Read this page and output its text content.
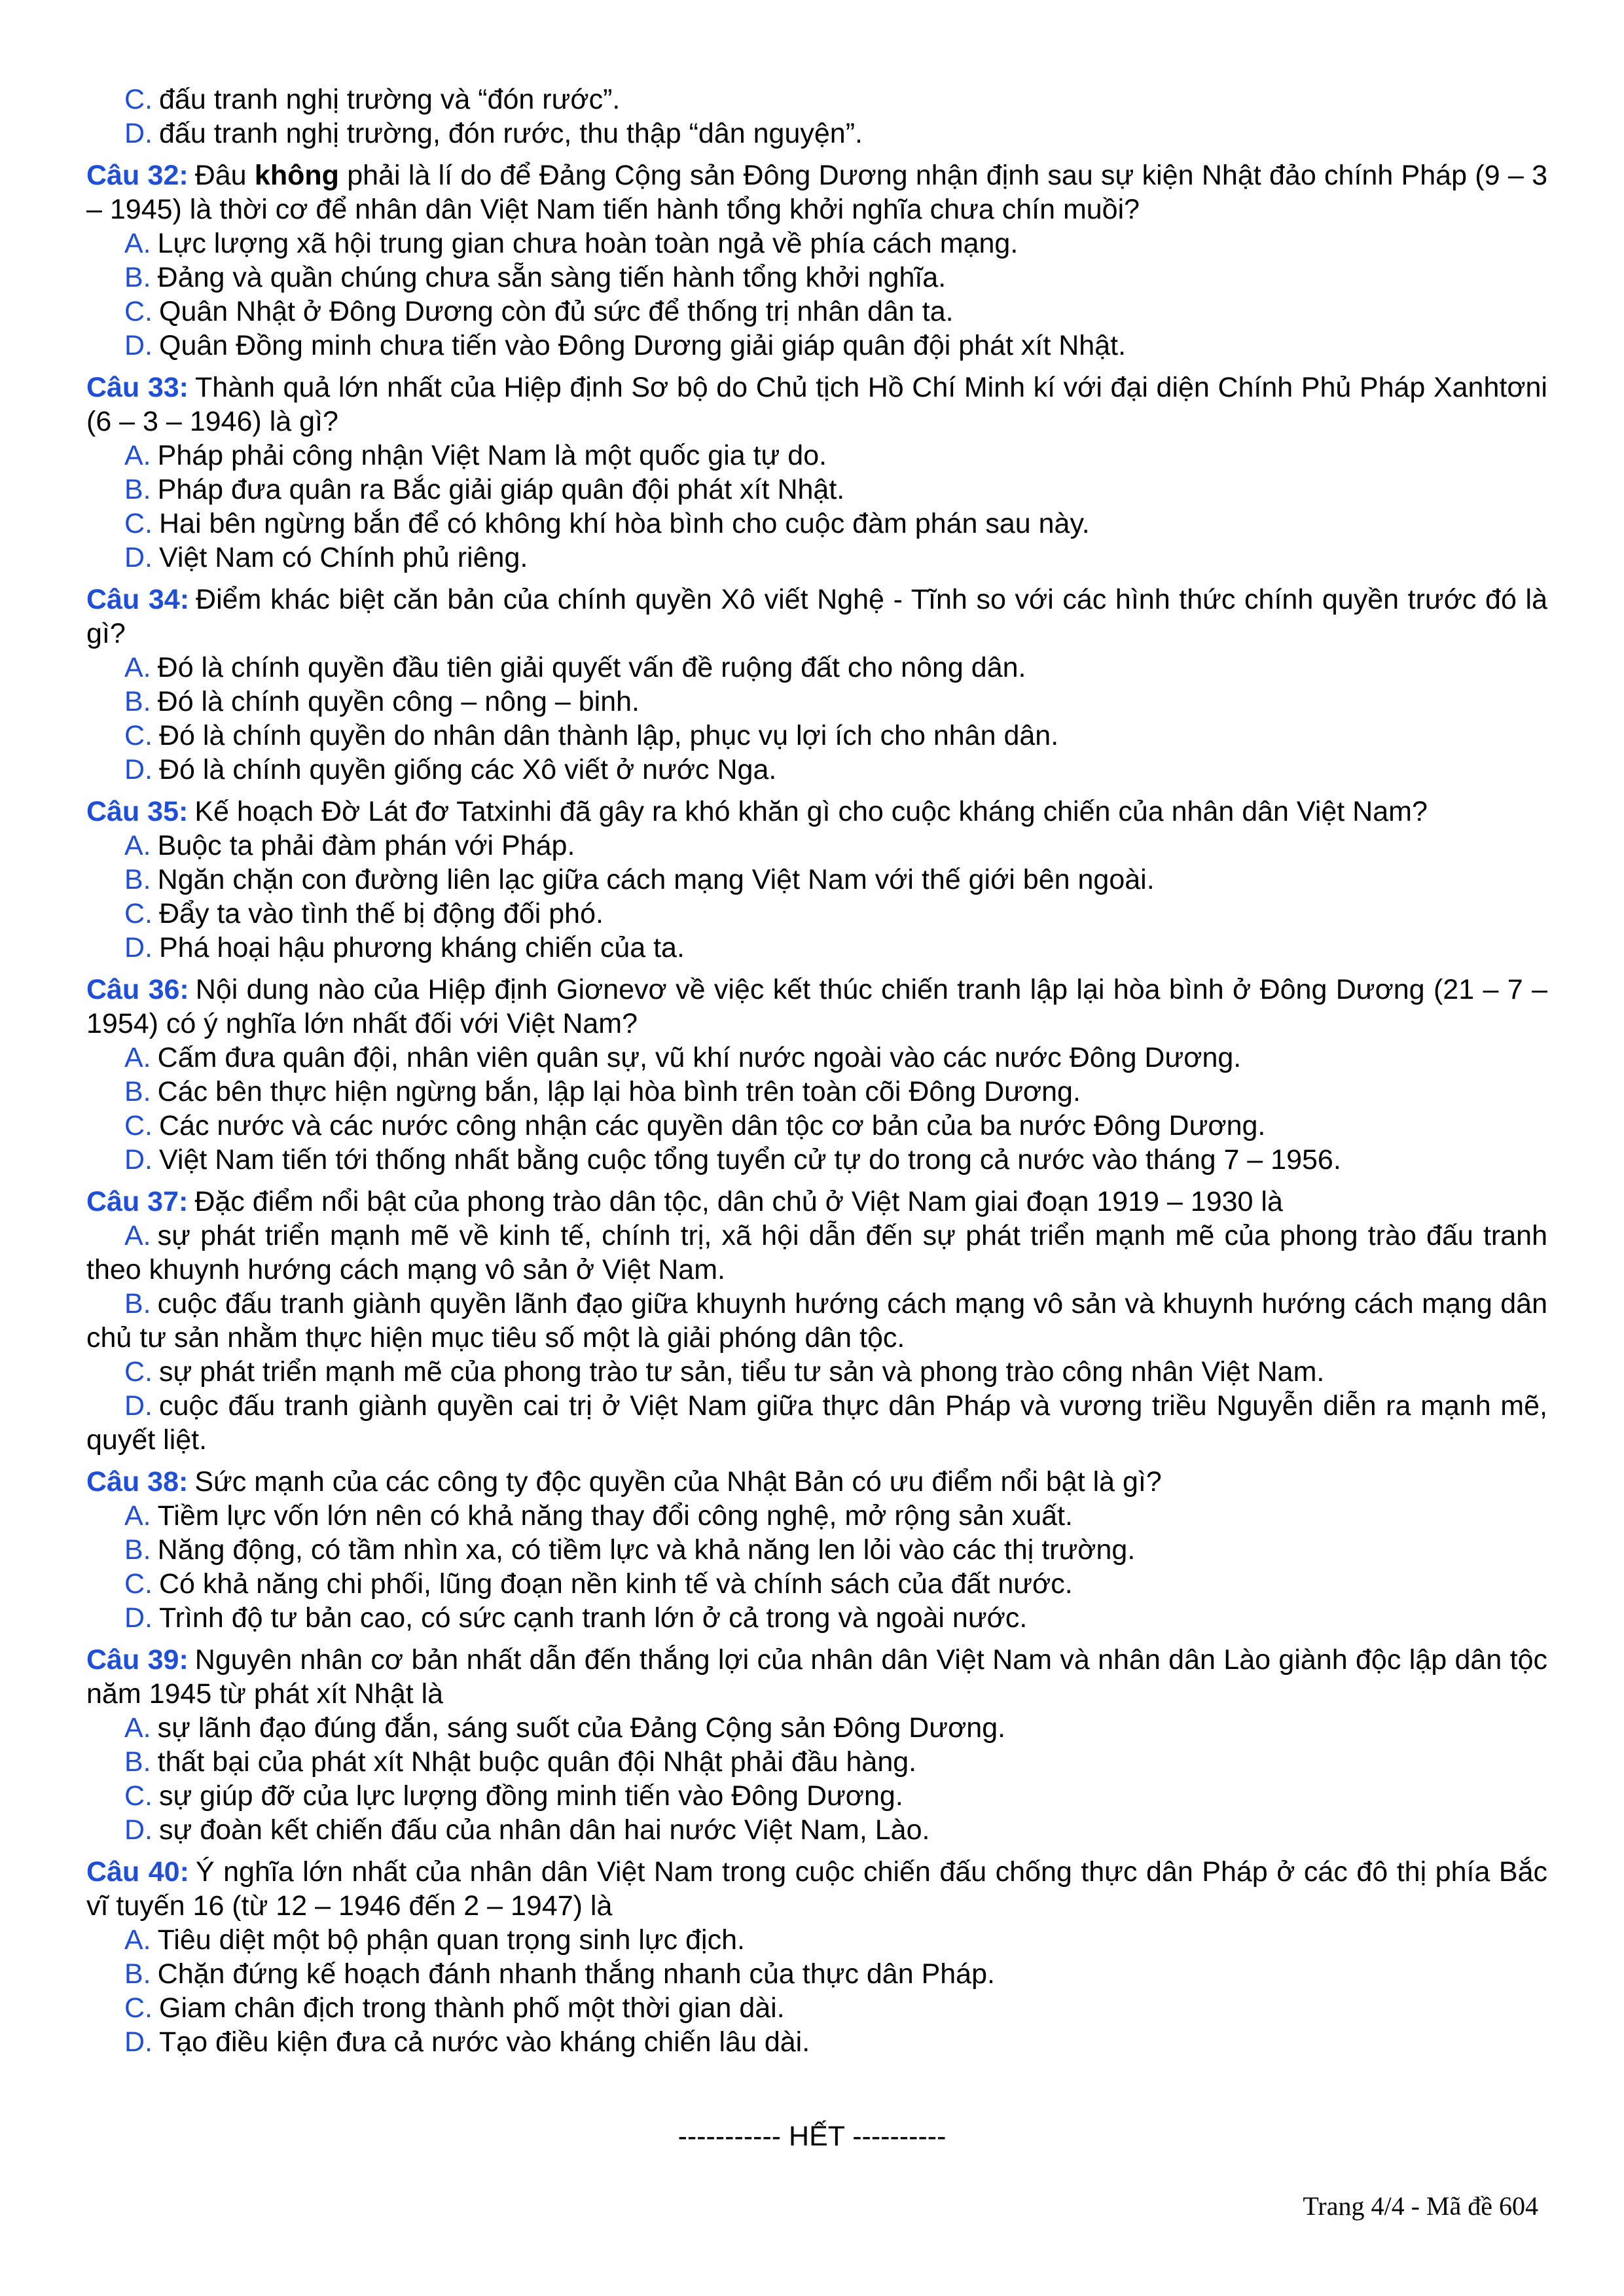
C. đấu tranh nghị trường và “đón rước”.

D. đấu tranh nghị trường, đón rước, thu thập “dân nguyện”.

Câu 32: Đâu không phải là lí do để Đảng Cộng sản Đông Dương nhận định sau sự kiện Nhật đảo chính Pháp (9 – 3 – 1945) là thời cơ để nhân dân Việt Nam tiến hành tổng khởi nghĩa chưa chín muồi?

A. Lực lượng xã hội trung gian chưa hoàn toàn ngả về phía cách mạng.

B. Đảng và quần chúng chưa sẵn sàng tiến hành tổng khởi nghĩa.

C. Quân Nhật ở Đông Dương còn đủ sức để thống trị nhân dân ta.

D. Quân Đồng minh chưa tiến vào Đông Dương giải giáp quân đội phát xít Nhật.

Câu 33: Thành quả lớn nhất của Hiệp định Sơ bộ do Chủ tịch Hồ Chí Minh kí với đại diện Chính Phủ Pháp Xanhtơni (6 – 3 – 1946) là gì?

A. Pháp phải công nhận Việt Nam là một quốc gia tự do.

B. Pháp đưa quân ra Bắc giải giáp quân đội phát xít Nhật.

C. Hai bên ngừng bắn để có không khí hòa bình cho cuộc đàm phán sau này.

D. Việt Nam có Chính phủ riêng.

Câu 34: Điểm khác biệt căn bản của chính quyền Xô viết Nghệ - Tĩnh so với các hình thức chính quyền trước đó là gì?

A. Đó là chính quyền đầu tiên giải quyết vấn đề ruộng đất cho nông dân.

B. Đó là chính quyền công – nông – binh.

C. Đó là chính quyền do nhân dân thành lập, phục vụ lợi ích cho nhân dân.

D. Đó là chính quyền giống các Xô viết ở nước Nga.

Câu 35: Kế hoạch Đờ Lát đơ Tatxinhi đã gây ra khó khăn gì cho cuộc kháng chiến của nhân dân Việt Nam?

A. Buộc ta phải đàm phán với Pháp.

B. Ngăn chặn con đường liên lạc giữa cách mạng Việt Nam với thế giới bên ngoài.

C. Đẩy ta vào tình thế bị động đối phó.

D. Phá hoại hậu phương kháng chiến của ta.

Câu 36: Nội dung nào của Hiệp định Giơnevơ về việc kết thúc chiến tranh lập lại hòa bình ở Đông Dương (21 – 7 – 1954) có ý nghĩa lớn nhất đối với Việt Nam?

A. Cấm đưa quân đội, nhân viên quân sự, vũ khí nước ngoài vào các nước Đông Dương.

B. Các bên thực hiện ngừng bắn, lập lại hòa bình trên toàn cõi Đông Dương.

C. Các nước và các nước công nhận các quyền dân tộc cơ bản của ba nước Đông Dương.

D. Việt Nam tiến tới thống nhất bằng cuộc tổng tuyển cử tự do trong cả nước vào tháng 7 – 1956.

Câu 37: Đặc điểm nổi bật của phong trào dân tộc, dân chủ ở Việt Nam giai đoạn 1919 – 1930 là

A. sự phát triển mạnh mẽ về kinh tế, chính trị, xã hội dẫn đến sự phát triển mạnh mẽ của phong trào đấu tranh theo khuynh hướng cách mạng vô sản ở Việt Nam.

B. cuộc đấu tranh giành quyền lãnh đạo giữa khuynh hướng cách mạng vô sản và khuynh hướng cách mạng dân chủ tư sản nhằm thực hiện mục tiêu số một là giải phóng dân tộc.

C. sự phát triển mạnh mẽ của phong trào tư sản, tiểu tư sản và phong trào công nhân Việt Nam.

D. cuộc đấu tranh giành quyền cai trị ở Việt Nam giữa thực dân Pháp và vương triều Nguyễn diễn ra mạnh mẽ, quyết liệt.

Câu 38: Sức mạnh của các công ty độc quyền của Nhật Bản có ưu điểm nổi bật là gì?

A. Tiềm lực vốn lớn nên có khả năng thay đổi công nghệ, mở rộng sản xuất.

B. Năng động, có tầm nhìn xa, có tiềm lực và khả năng len lỏi vào các thị trường.

C. Có khả năng chi phối, lũng đoạn nền kinh tế và chính sách của đất nước.

D. Trình độ tư bản cao, có sức cạnh tranh lớn ở cả trong và ngoài nước.

Câu 39: Nguyên nhân cơ bản nhất dẫn đến thắng lợi của nhân dân Việt Nam và nhân dân Lào giành độc lập dân tộc năm 1945 từ phát xít Nhật là

A. sự lãnh đạo đúng đắn, sáng suốt của Đảng Cộng sản Đông Dương.

B. thất bại của phát xít Nhật buộc quân đội Nhật phải đầu hàng.

C. sự giúp đỡ của lực lượng đồng minh tiến vào Đông Dương.

D. sự đoàn kết chiến đấu của nhân dân hai nước Việt Nam, Lào.

Câu 40: Ý nghĩa lớn nhất của nhân dân Việt Nam trong cuộc chiến đấu chống thực dân Pháp ở các đô thị phía Bắc vĩ tuyến 16 (từ 12 – 1946 đến 2 – 1947) là

A. Tiêu diệt một bộ phận quan trọng sinh lực địch.

B. Chặn đứng kế hoạch đánh nhanh thắng nhanh của thực dân Pháp.

C. Giam chân địch trong thành phố một thời gian dài.

D. Tạo điều kiện đưa cả nước vào kháng chiến lâu dài.

----------- HẾT ----------
Trang 4/4 - Mã đề 604
